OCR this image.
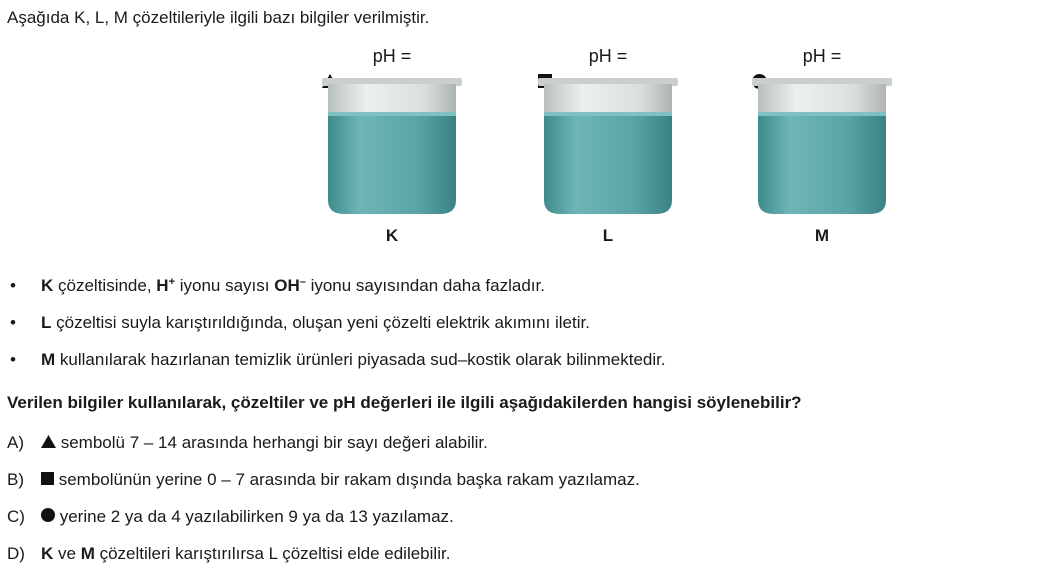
Aşağıda K, L, M çözeltileriyle ilgili bazı bilgiler verilmiştir.
pH =
K
pH =
L
pH =
M
• K çözeltisinde, H+ iyonu sayısı OH– iyonu sayısından daha fazladır.
• L çözeltisi suyla karıştırıldığında, oluşan yeni çözelti elektrik akımını iletir.
• M kullanılarak hazırlanan temizlik ürünleri piyasada sud–kostik olarak bilinmektedir.
Verilen bilgiler kullanılarak, çözeltiler ve pH değerleri ile ilgili aşağıdakilerden hangisi söylenebilir?
A) sembolü 7 – 14 arasında herhangi bir sayı değeri alabilir.
B) sembolünün yerine 0 – 7 arasında bir rakam dışında başka rakam yazılamaz.
C) yerine 2 ya da 4 yazılabilirken 9 ya da 13 yazılamaz.
D) K ve M çözeltileri karıştırılırsa L çözeltisi elde edilebilir.
